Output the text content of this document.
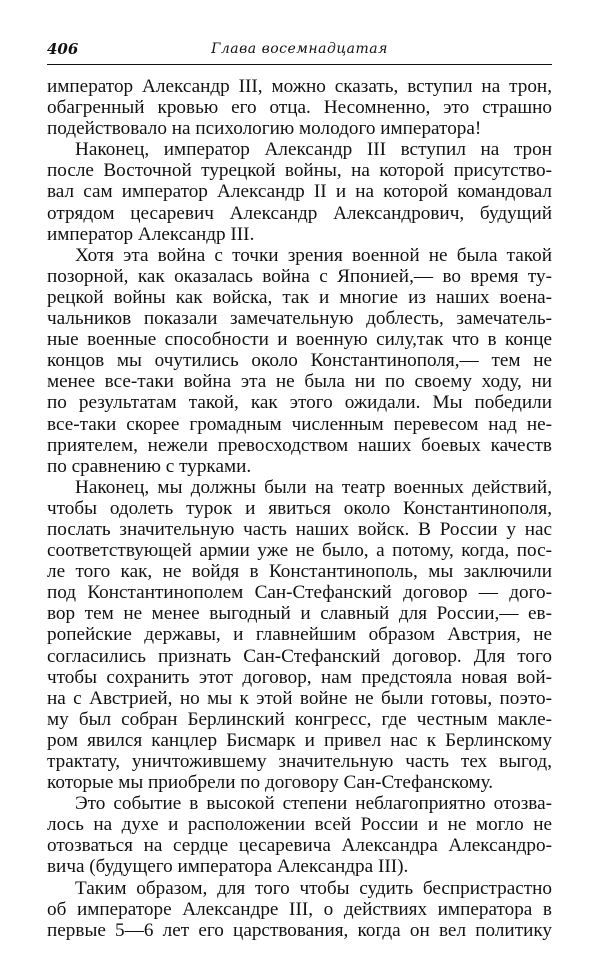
406	Глава восемнадцатая
император Александр III, можно сказать, вступил на трон,
обагренный кровью его отца. Несомненно, это страшно
подействовало на психологию молодого императора!
Наконец, император Александр III вступил на трон
после Восточной турецкой войны, на которой присутство-
вал сам император Александр II и на которой командовал
отрядом цесаревич Александр Александрович, будущий
император Александр III.
Хотя эта война с точки зрения военной не была такой
позорной, как оказалась война с Японией,— во время ту-
рецкой войны как войска, так и многие из наших воена-
чальников показали замечательную доблесть, замечатель-
ные военные способности и военную силу,так что в конце
концов мы очутились около Константинополя,— тем не
менее все-таки война эта не была ни по своему ходу, ни
по результатам такой, как этого ожидали. Мы победили
все-таки скорее громадным численным перевесом над не-
приятелем, нежели превосходством наших боевых качеств
по сравнению с турками.
Наконец, мы должны были на театр военных действий,
чтобы одолеть турок и явиться около Константинополя,
послать значительную часть наших войск. В России у нас
соответствующей армии уже не было, а потому, когда, пос-
ле того как, не войдя в Константинополь, мы заключили
под Константинополем Сан-Стефанский договор — дого-
вор тем не менее выгодный и славный для России,— ев-
ропейские державы, и главнейшим образом Австрия, не
согласились признать Сан-Стефанский договор. Для того
чтобы сохранить этот договор, нам предстояла новая вой-
на с Австрией, но мы к этой войне не были готовы, поэто-
му был собран Берлинский конгресс, где честным макле-
ром явился канцлер Бисмарк и привел нас к Берлинскому
трактату, уничтожившему значительную часть тех выгод,
которые мы приобрели по договору Сан-Стефанскому.
Это событие в высокой степени неблагоприятно отозва-
лось на духе и расположении всей России и не могло не
отозваться на сердце цесаревича Александра Александро-
вича (будущего императора Александра III).
Таким образом, для того чтобы судить беспристрастно
об императоре Александре III, о действиях императора в
первые 5—6 лет его царствования, когда он вел политику
